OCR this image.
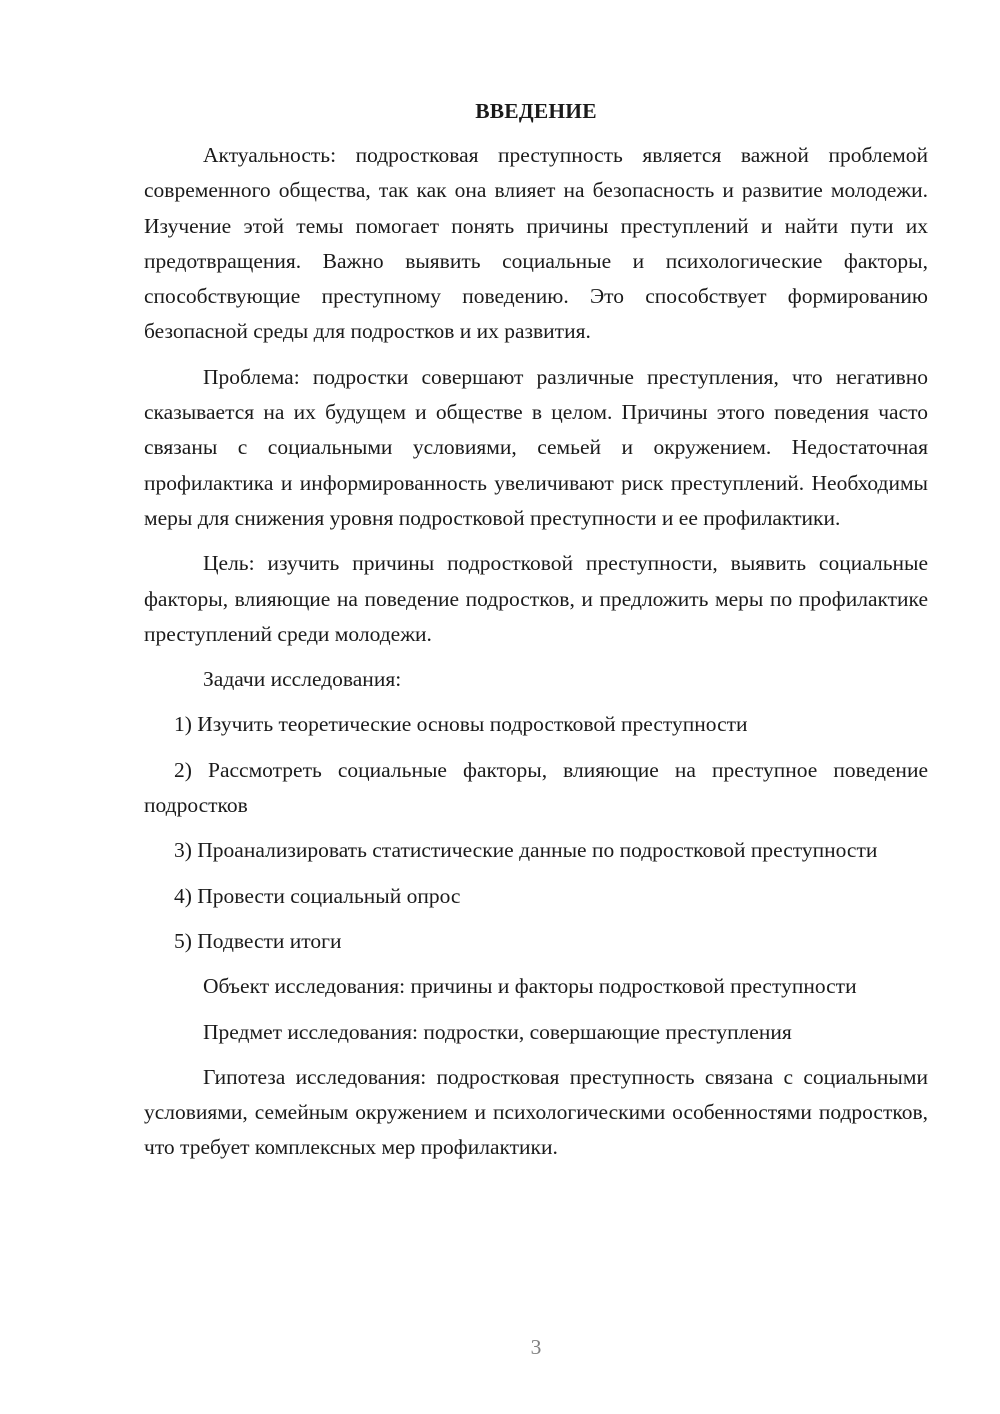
ВВЕДЕНИЕ

Актуальность: подростковая преступность является важной проблемой современного общества, так как она влияет на безопасность и развитие молодежи. Изучение этой темы помогает понять причины преступлений и найти пути их предотвращения. Важно выявить социальные и психологические факторы, способствующие преступному поведению. Это способствует формированию безопасной среды для подростков и их развития.

Проблема: подростки совершают различные преступления, что негативно сказывается на их будущем и обществе в целом. Причины этого поведения часто связаны с социальными условиями, семьей и окружением. Недостаточная профилактика и информированность увеличивают риск преступлений. Необходимы меры для снижения уровня подростковой преступности и ее профилактики.

Цель: изучить причины подростковой преступности, выявить социальные факторы, влияющие на поведение подростков, и предложить меры по профилактике преступлений среди молодежи.

Задачи исследования:

1) Изучить теоретические основы подростковой преступности

2) Рассмотреть социальные факторы, влияющие на преступное поведение подростков

3) Проанализировать статистические данные по подростковой преступности

4) Провести социальный опрос

5) Подвести итоги

Объект исследования: причины и факторы подростковой преступности

Предмет исследования: подростки, совершающие преступления

Гипотеза исследования: подростковая преступность связана с социальными условиями, семейным окружением и психологическими особенностями подростков, что требует комплексных мер профилактики.

3
